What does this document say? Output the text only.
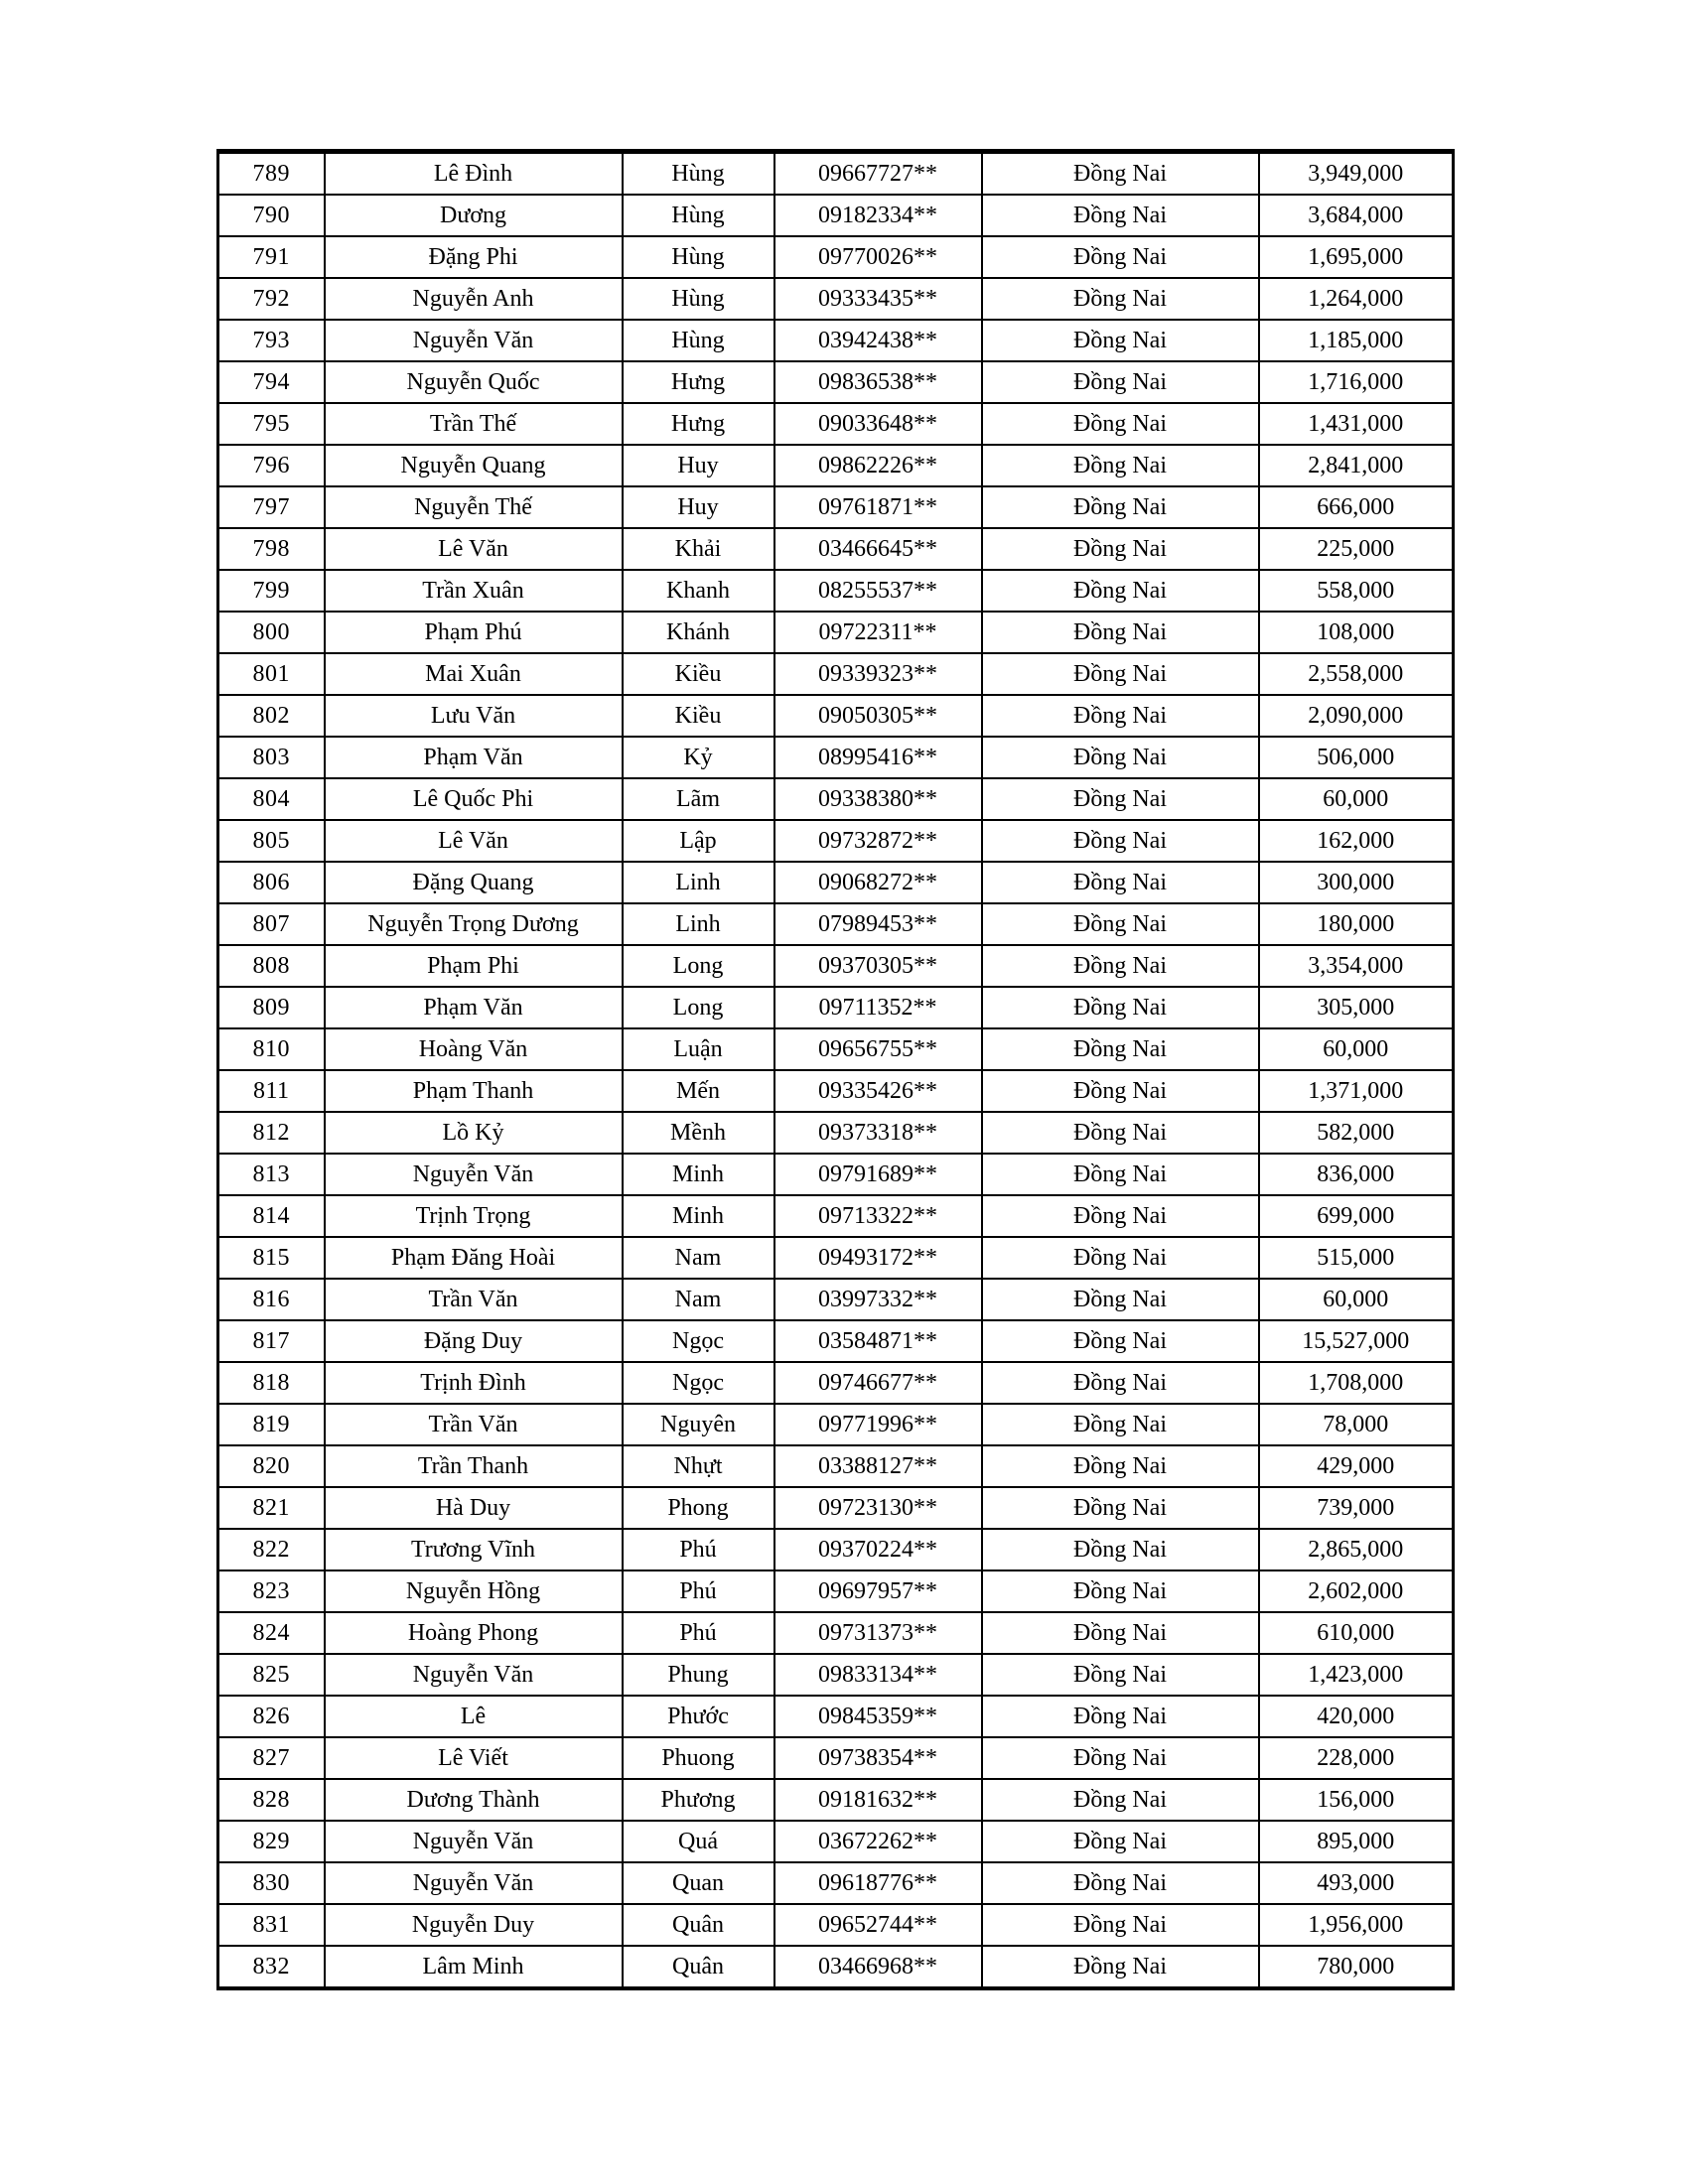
789	Lê Đình	Hùng	09667727**	Đồng Nai	3,949,000
790	Dương	Hùng	09182334**	Đồng Nai	3,684,000
791	Đặng Phi	Hùng	09770026**	Đồng Nai	1,695,000
792	Nguyễn Anh	Hùng	09333435**	Đồng Nai	1,264,000
793	Nguyễn Văn	Hùng	03942438**	Đồng Nai	1,185,000
794	Nguyễn Quốc	Hưng	09836538**	Đồng Nai	1,716,000
795	Trần Thế	Hưng	09033648**	Đồng Nai	1,431,000
796	Nguyễn Quang	Huy	09862226**	Đồng Nai	2,841,000
797	Nguyễn Thế	Huy	09761871**	Đồng Nai	666,000
798	Lê Văn	Khải	03466645**	Đồng Nai	225,000
799	Trần Xuân	Khanh	08255537**	Đồng Nai	558,000
800	Phạm Phú	Khánh	09722311**	Đồng Nai	108,000
801	Mai Xuân	Kiều	09339323**	Đồng Nai	2,558,000
802	Lưu Văn	Kiều	09050305**	Đồng Nai	2,090,000
803	Phạm Văn	Kỷ	08995416**	Đồng Nai	506,000
804	Lê Quốc Phi	Lãm	09338380**	Đồng Nai	60,000
805	Lê Văn	Lập	09732872**	Đồng Nai	162,000
806	Đặng Quang	Linh	09068272**	Đồng Nai	300,000
807	Nguyễn Trọng Dương	Linh	07989453**	Đồng Nai	180,000
808	Phạm Phi	Long	09370305**	Đồng Nai	3,354,000
809	Phạm Văn	Long	09711352**	Đồng Nai	305,000
810	Hoàng Văn	Luận	09656755**	Đồng Nai	60,000
811	Phạm Thanh	Mến	09335426**	Đồng Nai	1,371,000
812	Lồ Kỷ	Mềnh	09373318**	Đồng Nai	582,000
813	Nguyễn Văn	Minh	09791689**	Đồng Nai	836,000
814	Trịnh Trọng	Minh	09713322**	Đồng Nai	699,000
815	Phạm Đăng Hoài	Nam	09493172**	Đồng Nai	515,000
816	Trần Văn	Nam	03997332**	Đồng Nai	60,000
817	Đặng Duy	Ngọc	03584871**	Đồng Nai	15,527,000
818	Trịnh Đình	Ngọc	09746677**	Đồng Nai	1,708,000
819	Trần Văn	Nguyên	09771996**	Đồng Nai	78,000
820	Trần Thanh	Nhựt	03388127**	Đồng Nai	429,000
821	Hà Duy	Phong	09723130**	Đồng Nai	739,000
822	Trương Vĩnh	Phú	09370224**	Đồng Nai	2,865,000
823	Nguyễn Hồng	Phú	09697957**	Đồng Nai	2,602,000
824	Hoàng Phong	Phú	09731373**	Đồng Nai	610,000
825	Nguyễn Văn	Phung	09833134**	Đồng Nai	1,423,000
826	Lê	Phước	09845359**	Đồng Nai	420,000
827	Lê Viết	Phuong	09738354**	Đồng Nai	228,000
828	Dương Thành	Phương	09181632**	Đồng Nai	156,000
829	Nguyễn Văn	Quá	03672262**	Đồng Nai	895,000
830	Nguyễn Văn	Quan	09618776**	Đồng Nai	493,000
831	Nguyễn Duy	Quân	09652744**	Đồng Nai	1,956,000
832	Lâm Minh	Quân	03466968**	Đồng Nai	780,000
